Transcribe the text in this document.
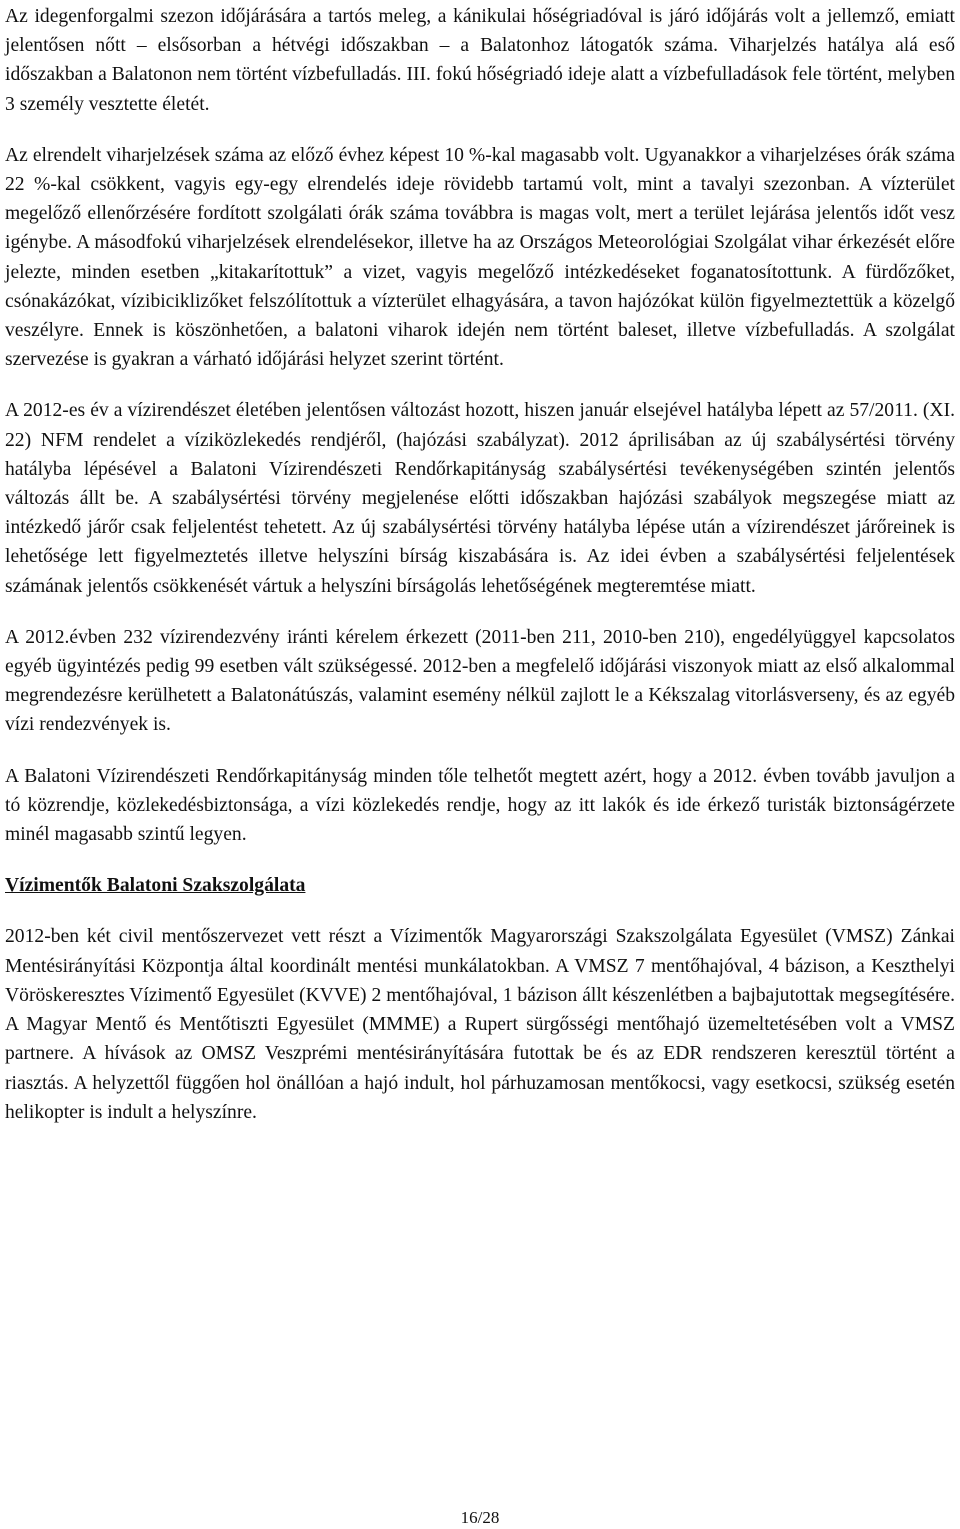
Az idegenforgalmi szezon időjárására a tartós meleg, a kánikulai hőségriadóval is járó időjárás volt a jellemző, emiatt jelentősen nőtt – elsősorban a hétvégi időszakban – a Balatonhoz látogatók száma. Viharjelzés hatálya alá eső időszakban a Balatonon nem történt vízbefulladás. III. fokú hőségriadó ideje alatt a vízbefulladások fele történt, melyben 3 személy vesztette életét.

Az elrendelt viharjelzések száma az előző évhez képest 10 %-kal magasabb volt. Ugyanakkor a viharjelzéses órák száma 22 %-kal csökkent, vagyis egy-egy elrendelés ideje rövidebb tartamú volt, mint a tavalyi szezonban. A vízterület megelőző ellenőrzésére fordított szolgálati órák száma továbbra is magas volt, mert a terület lejárása jelentős időt vesz igénybe. A másodfokú viharjelzések elrendelésekor, illetve ha az Országos Meteorológiai Szolgálat vihar érkezését előre jelezte, minden esetben „kitakarítottuk” a vizet, vagyis megelőző intézkedéseket foganatosítottunk. A fürdőzőket, csónakázókat, vízibiciklizőket felszólítottuk a vízterület elhagyására, a tavon hajózókat külön figyelmeztettük a közelgő veszélyre. Ennek is köszönhetően, a balatoni viharok idején nem történt baleset, illetve vízbefulladás. A szolgálat szervezése is gyakran a várható időjárási helyzet szerint történt.

A 2012-es év a vízirendészet életében jelentősen változást hozott, hiszen január elsejével hatályba lépett az 57/2011. (XI. 22) NFM rendelet a víziközlekedés rendjéről, (hajózási szabályzat). 2012 áprilisában az új szabálysértési törvény hatályba lépésével a Balatoni Vízirendészeti Rendőrkapitányság szabálysértési tevékenységében szintén jelentős változás állt be. A szabálysértési törvény megjelenése előtti időszakban hajózási szabályok megszegése miatt az intézkedő járőr csak feljelentést tehetett. Az új szabálysértési törvény hatályba lépése után a vízirendészet járőreinek is lehetősége lett figyelmeztetés illetve helyszíni bírság kiszabására is. Az idei évben a szabálysértési feljelentések számának jelentős csökkenését vártuk a helyszíni bírságolás lehetőségének megteremtése miatt.

A 2012.évben 232 vízirendezvény iránti kérelem érkezett (2011-ben 211, 2010-ben 210), engedélyüggyel kapcsolatos egyéb ügyintézés pedig 99 esetben vált szükségessé. 2012-ben a megfelelő időjárási viszonyok miatt az első alkalommal megrendezésre kerülhetett a Balatonátúszás, valamint esemény nélkül zajlott le a Kékszalag vitorlásverseny, és az egyéb vízi rendezvények is.

A Balatoni Vízirendészeti Rendőrkapitányság minden tőle telhetőt megtett azért, hogy a 2012. évben tovább javuljon a tó közrendje, közlekedésbiztonsága, a vízi közlekedés rendje, hogy az itt lakók és ide érkező turisták biztonságérzete minél magasabb szintű legyen.

Vízimentők Balatoni Szakszolgálata

2012-ben két civil mentőszervezet vett részt a Vízimentők Magyarországi Szakszolgálata Egyesület (VMSZ) Zánkai Mentésirányítási Központja által koordinált mentési munkálatokban. A VMSZ 7 mentőhajóval, 4 bázison, a Keszthelyi Vöröskeresztes Vízimentő Egyesület (KVVE) 2 mentőhajóval, 1 bázison állt készenlétben a bajbajutottak megsegítésére. A Magyar Mentő és Mentőtiszti Egyesület (MMME) a Rupert sürgősségi mentőhajó üzemeltetésében volt a VMSZ partnere. A hívások az OMSZ Veszprémi mentésirányítására futottak be és az EDR rendszeren keresztül történt a riasztás. A helyzettől függően hol önállóan a hajó indult, hol párhuzamosan mentőkocsi, vagy esetkocsi, szükség esetén helikopter is indult a helyszínre.

16/28
